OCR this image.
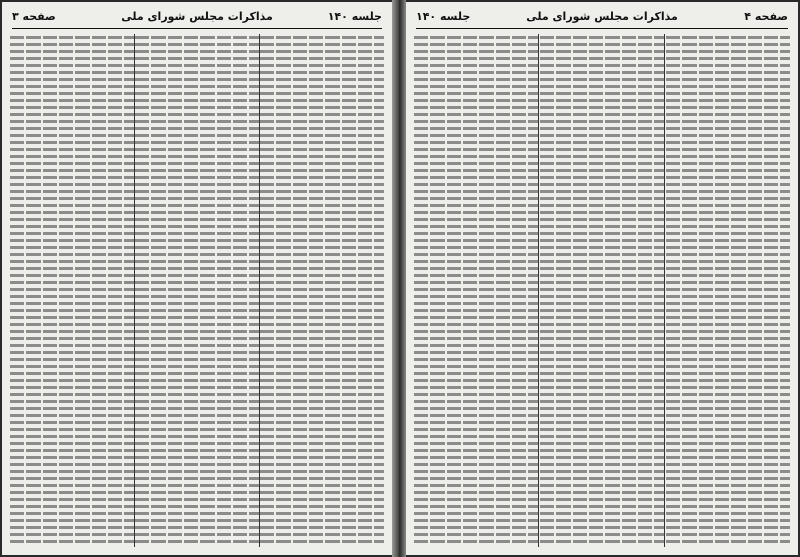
جلسه ۱۴۰
مذاکرات مجلس شورای ملی
صفحه ۳	صفحه ۴
مذاکرات مجلس شورای ملی
جلسه ۱۴۰
